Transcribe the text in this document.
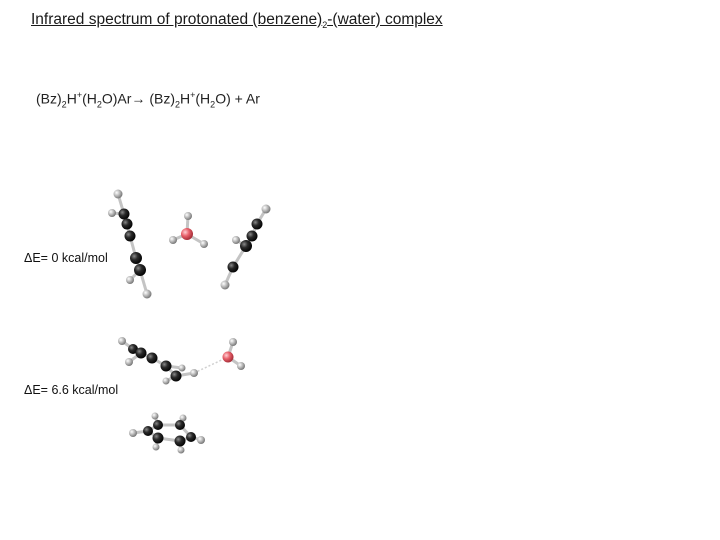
Infrared spectrum of protonated $(benzene)_2-(water)$ complex
$(Bz)_2H^+(H_2O)Ar\to (Bz)_2H^+(H_2O) + Ar$
ΔE= 0 kcal/mol
ΔE= 6.6 kcal/mol
